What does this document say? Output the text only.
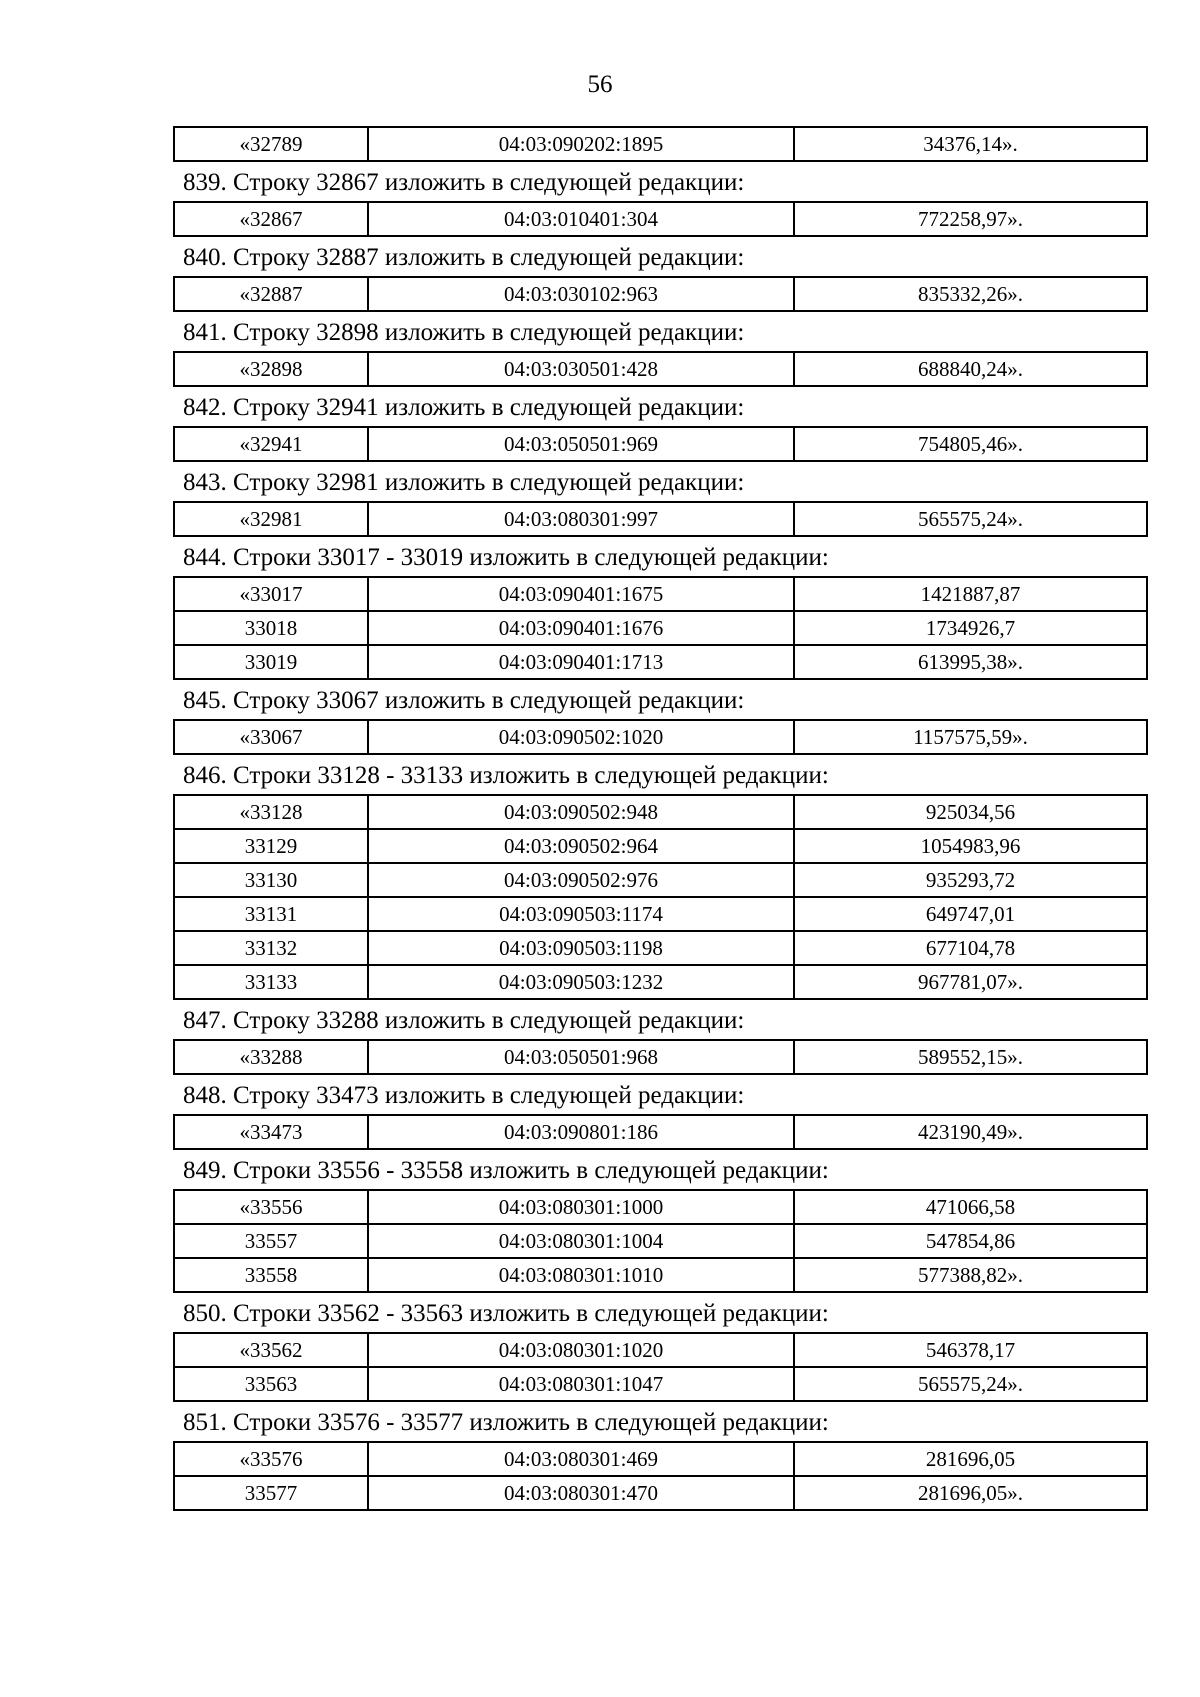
56
«32789	04:03:090202:1895	34376,14».
839. Строку 32867 изложить в следующей редакции:
«32867	04:03:010401:304	772258,97».
840. Строку 32887 изложить в следующей редакции:
«32887	04:03:030102:963	835332,26».
841. Строку 32898 изложить в следующей редакции:
«32898	04:03:030501:428	688840,24».
842. Строку 32941 изложить в следующей редакции:
«32941	04:03:050501:969	754805,46».
843. Строку 32981 изложить в следующей редакции:
«32981	04:03:080301:997	565575,24».
844. Строки 33017 - 33019 изложить в следующей редакции:
«33017	04:03:090401:1675	1421887,87
33018	04:03:090401:1676	1734926,7
33019	04:03:090401:1713	613995,38».
845. Строку 33067 изложить в следующей редакции:
«33067	04:03:090502:1020	1157575,59».
846. Строки 33128 - 33133 изложить в следующей редакции:
«33128	04:03:090502:948	925034,56
33129	04:03:090502:964	1054983,96
33130	04:03:090502:976	935293,72
33131	04:03:090503:1174	649747,01
33132	04:03:090503:1198	677104,78
33133	04:03:090503:1232	967781,07».
847. Строку 33288 изложить в следующей редакции:
«33288	04:03:050501:968	589552,15».
848. Строку 33473 изложить в следующей редакции:
«33473	04:03:090801:186	423190,49».
849. Строки 33556 - 33558 изложить в следующей редакции:
«33556	04:03:080301:1000	471066,58
33557	04:03:080301:1004	547854,86
33558	04:03:080301:1010	577388,82».
850. Строки 33562 - 33563 изложить в следующей редакции:
«33562	04:03:080301:1020	546378,17
33563	04:03:080301:1047	565575,24».
851. Строки 33576 - 33577 изложить в следующей редакции:
«33576	04:03:080301:469	281696,05
33577	04:03:080301:470	281696,05».
